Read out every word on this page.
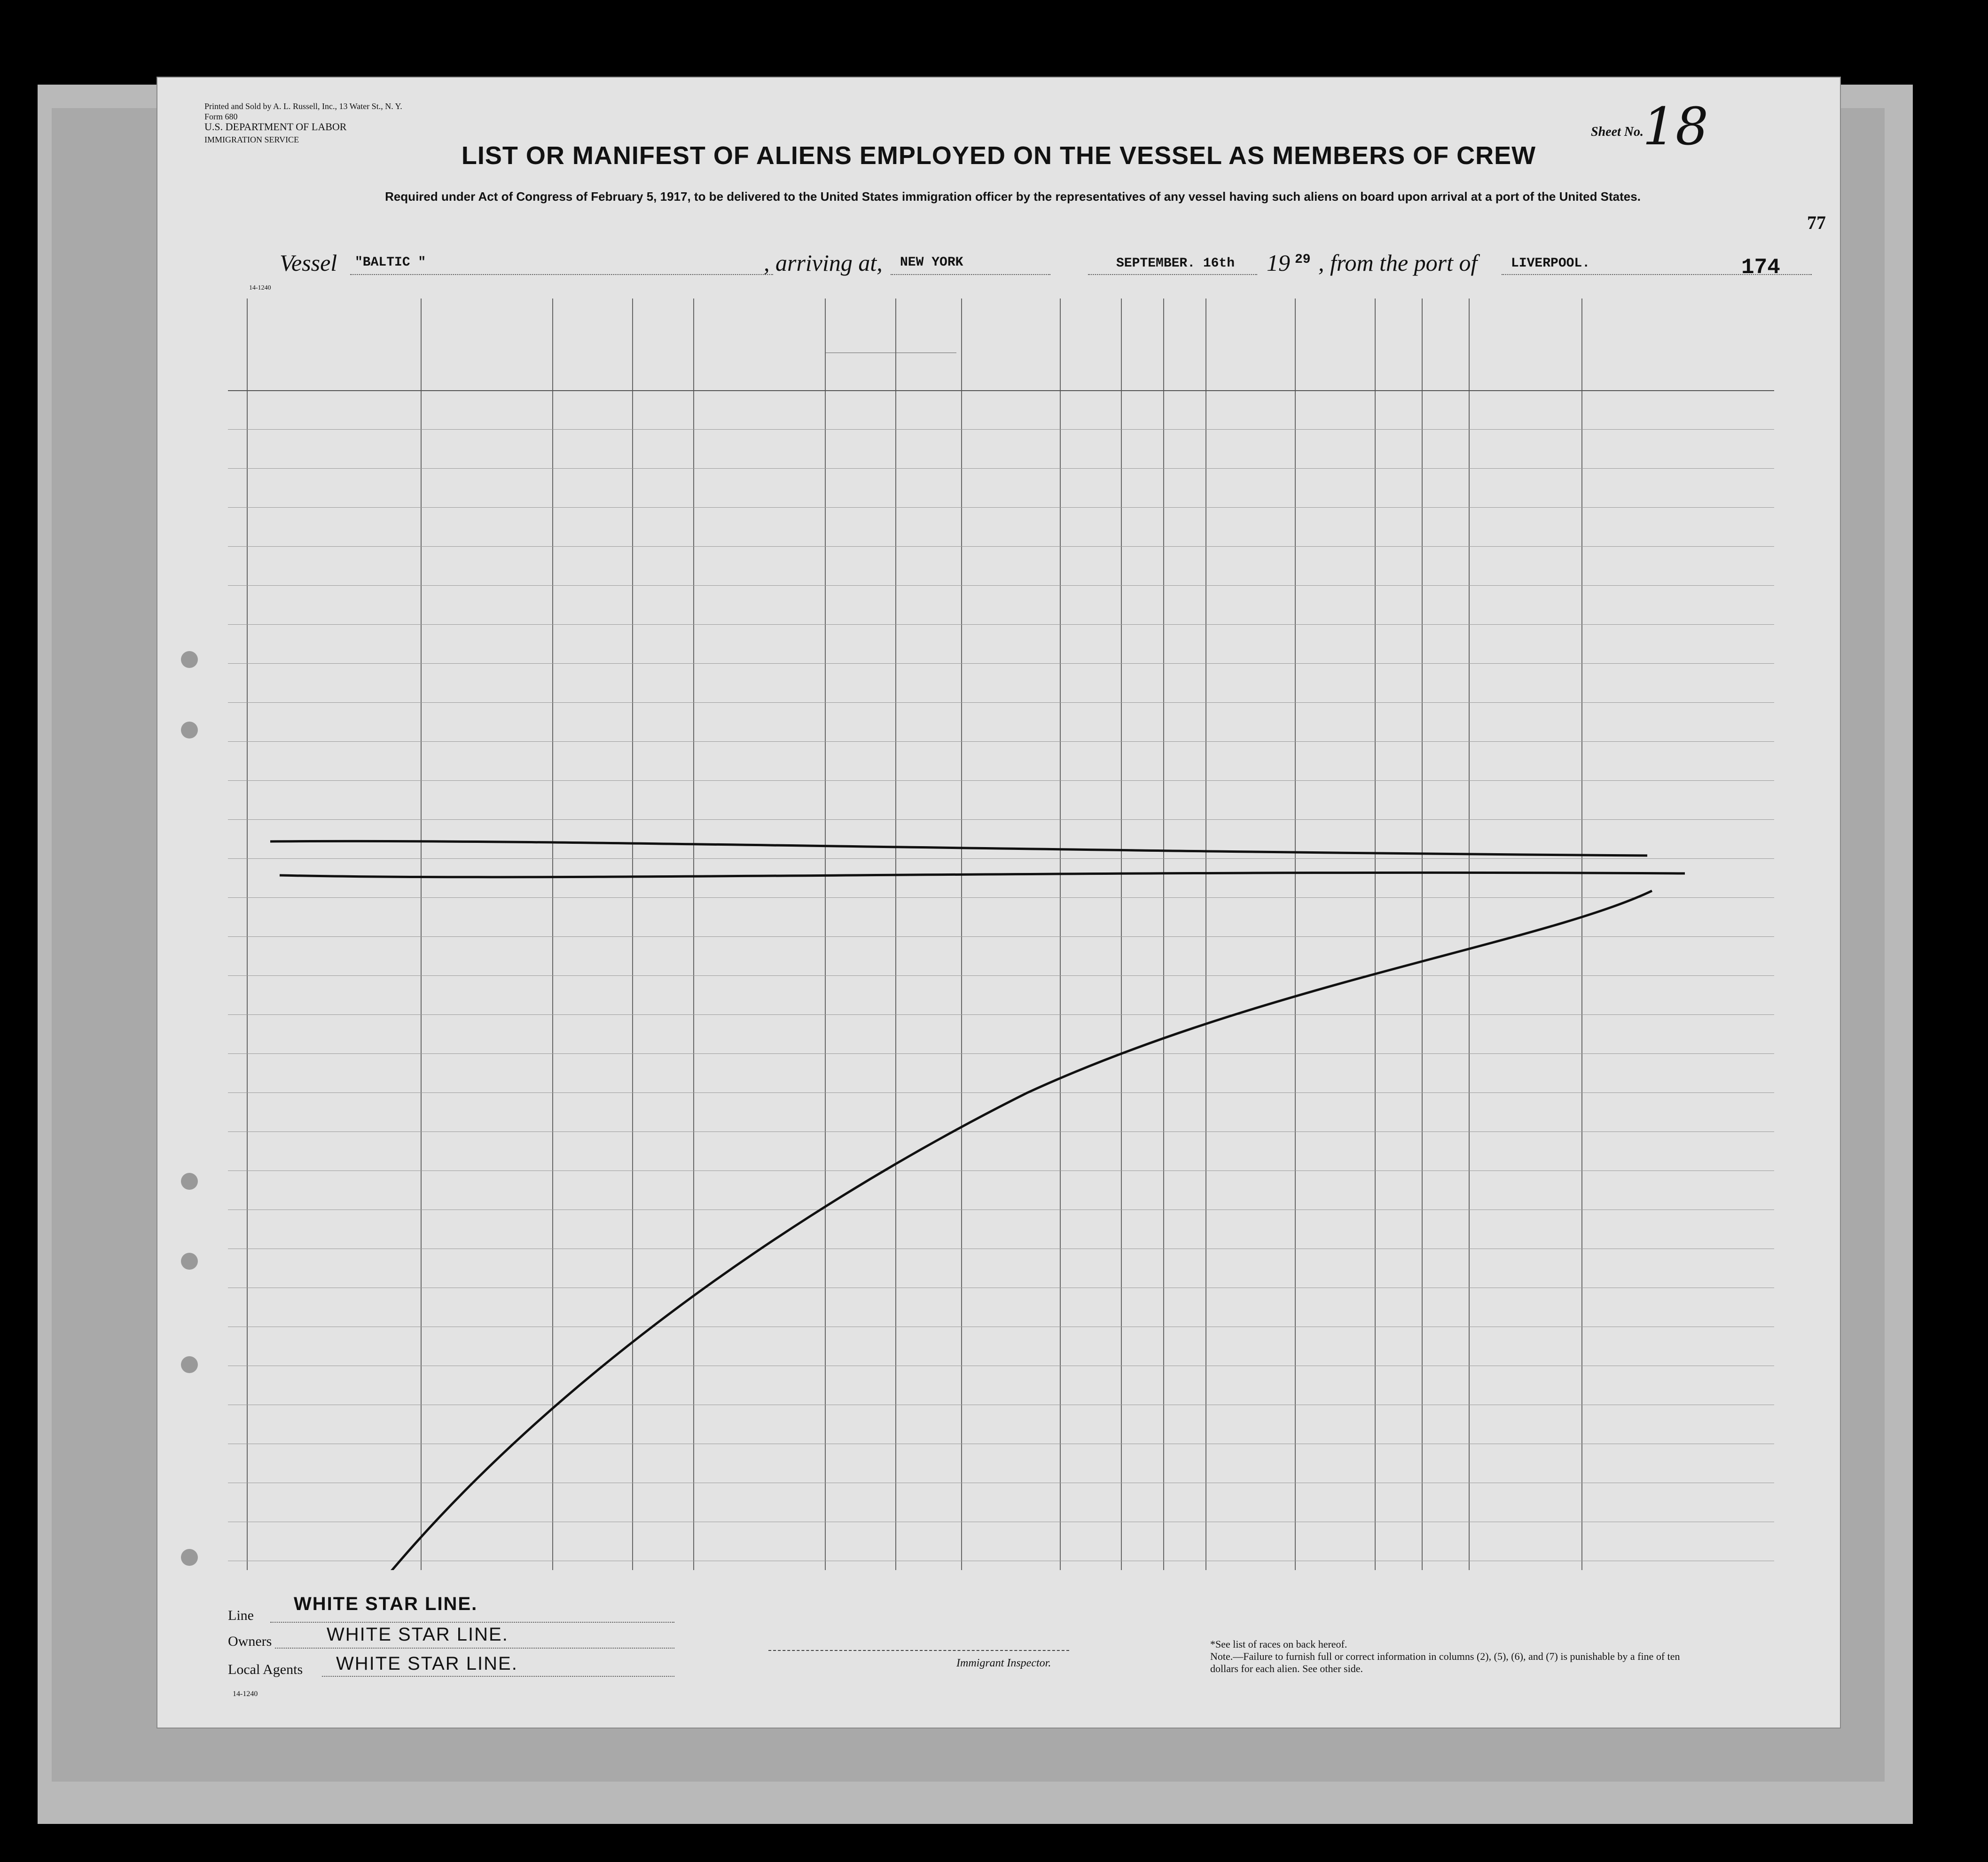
Printed and Sold by A. L. Russell, Inc., 13 Water St., N. Y.
Form 680
U.S. DEPARTMENT OF LABOR
IMMIGRATION SERVICE
Sheet No.
18
77
LIST OR MANIFEST OF ALIENS EMPLOYED ON THE VESSEL AS MEMBERS OF CREW
Required under Act of Congress of February 5, 1917, to be delivered to the United States immigration officer by the representatives of any vessel having such aliens on board upon arrival at a port of the United States.
Vessel "BALTIC "	, arriving at, NEW YORK	SEPTEMBER. 16th 19 29 , from the port of	LIVERPOOL.	174
14-1240
Line
WHITE STAR LINE.
Owners	WHITE STAR LINE.
Local Agents WHITE STAR LINE.
14-1240
Immigrant Inspector.
*See list of races on back hereof.
Note.—Failure to furnish full or correct information in columns (2), (5), (6), and (7) is punishable by a fine of ten dollars for each alien. See other side.
